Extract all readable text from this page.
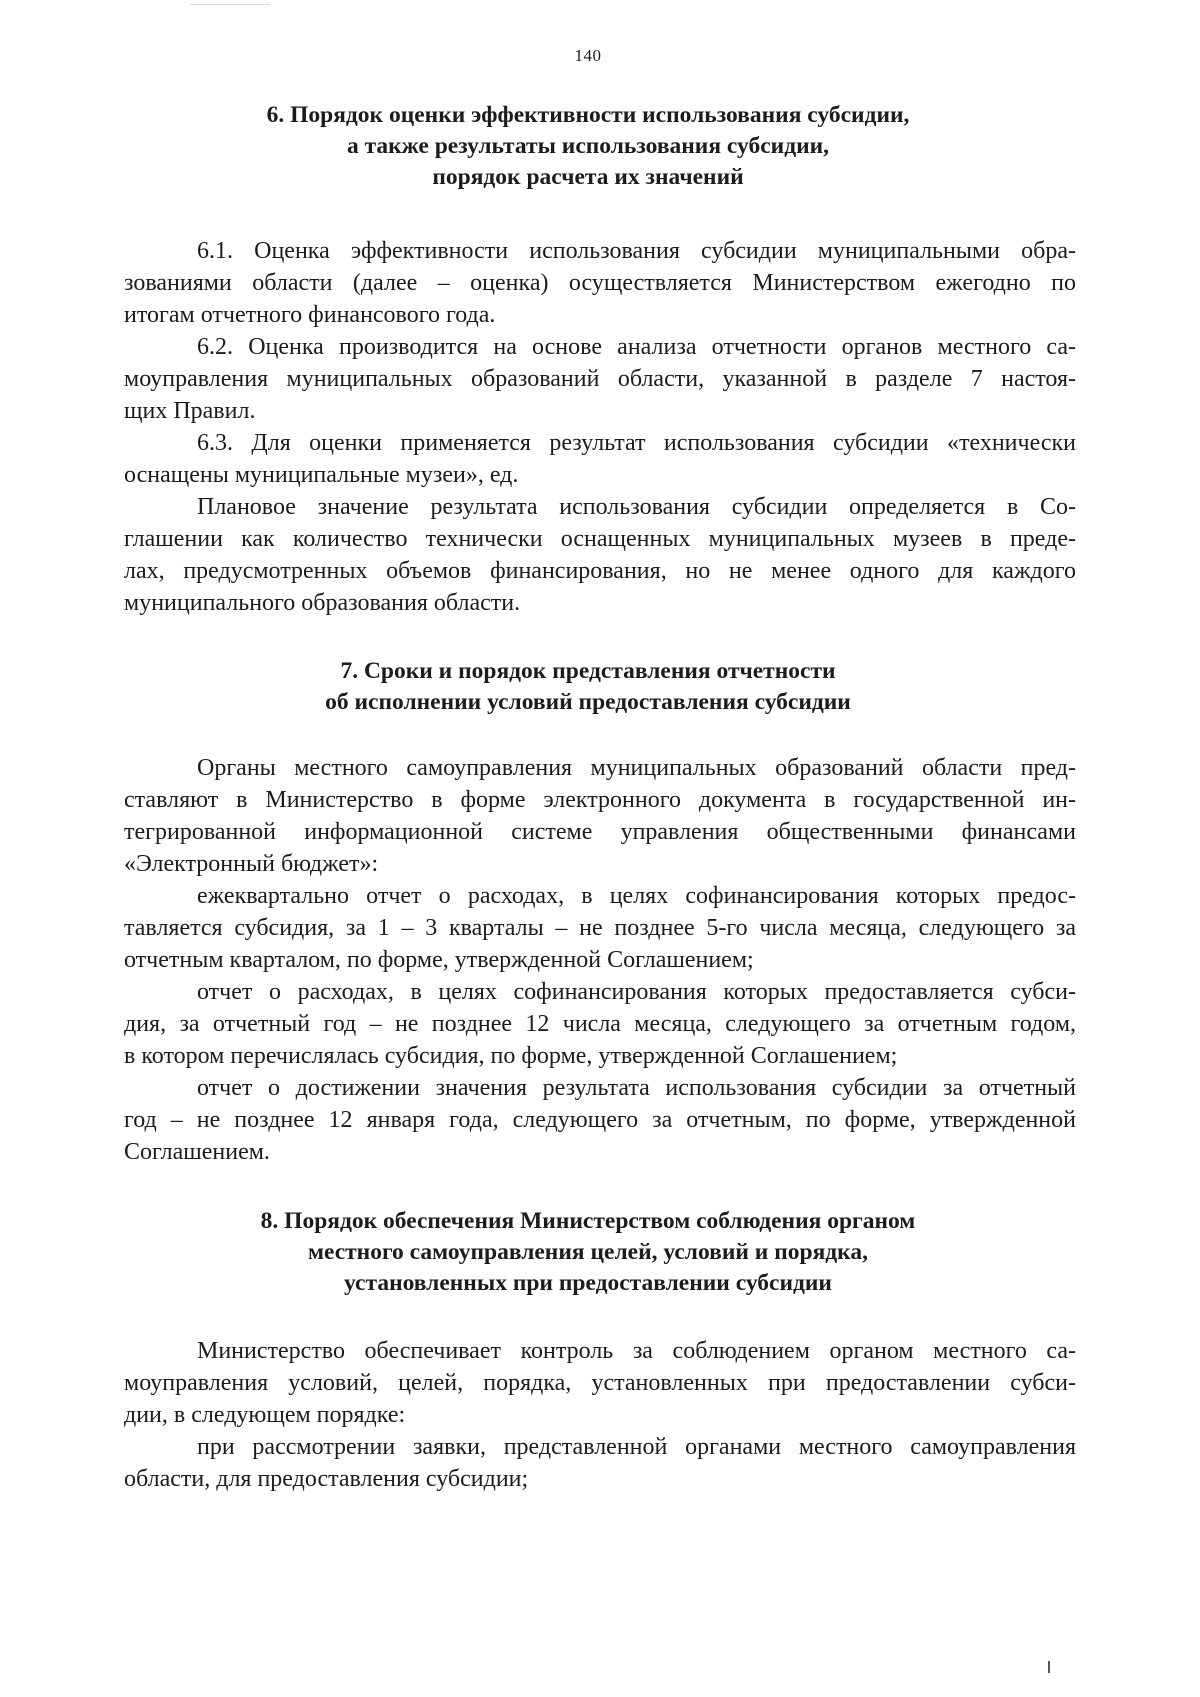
140
6. Порядок оценки эффективности использования субсидии,
а также результаты использования субсидии,
порядок расчета их значений
6.1. Оценка эффективности использования субсидии муниципальными обра-
зованиями области (далее – оценка) осуществляется Министерством ежегодно по
итогам отчетного финансового года.
6.2. Оценка производится на основе анализа отчетности органов местного са-
моуправления муниципальных образований области, указанной в разделе 7 настоя-
щих Правил.
6.3. Для оценки применяется результат использования субсидии «технически
оснащены муниципальные музеи», ед.
Плановое значение результата использования субсидии определяется в Со-
глашении как количество технически оснащенных муниципальных музеев в преде-
лах, предусмотренных объемов финансирования, но не менее одного для каждого
муниципального образования области.
7. Сроки и порядок представления отчетности
об исполнении условий предоставления субсидии
Органы местного самоуправления муниципальных образований области пред-
ставляют в Министерство в форме электронного документа в государственной ин-
тегрированной информационной системе управления общественными финансами
«Электронный бюджет»:
ежеквартально отчет о расходах, в целях софинансирования которых предос-
тавляется субсидия, за 1 – 3 кварталы – не позднее 5-го числа месяца, следующего за
отчетным кварталом, по форме, утвержденной Соглашением;
отчет о расходах, в целях софинансирования которых предоставляется субси-
дия, за отчетный год – не позднее 12 числа месяца, следующего за отчетным годом,
в котором перечислялась субсидия, по форме, утвержденной Соглашением;
отчет о достижении значения результата использования субсидии за отчетный
год – не позднее 12 января года, следующего за отчетным, по форме, утвержденной
Соглашением.
8. Порядок обеспечения Министерством соблюдения органом
местного самоуправления целей, условий и порядка,
установленных при предоставлении субсидии
Министерство обеспечивает контроль за соблюдением органом местного са-
моуправления условий, целей, порядка, установленных при предоставлении субси-
дии, в следующем порядке:
при рассмотрении заявки, представленной органами местного самоуправления
области, для предоставления субсидии;
